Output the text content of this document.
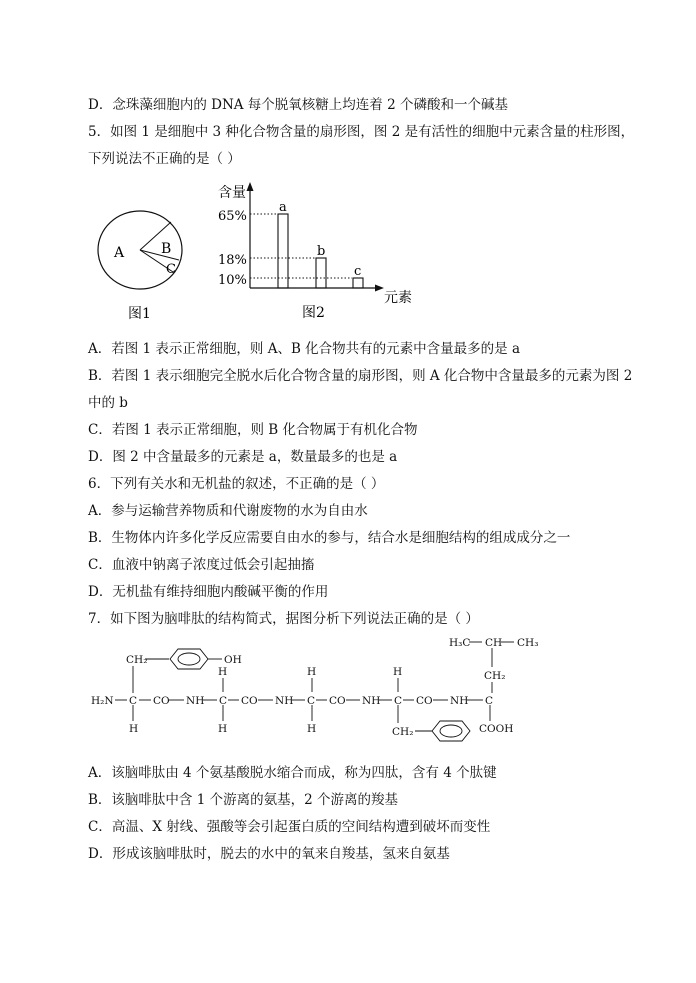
D．念珠藻细胞内的 DNA 每个脱氧核糖上均连着 2 个磷酸和一个碱基
5．如图 1 是细胞中 3 种化合物含量的扇形图，图 2 是有活性的细胞中元素含量的柱形图，
下列说法不正确的是（ ）
A	B
C
图1
含量
元素
65%
18%
10%
a
b
c
图2
A．若图 1 表示正常细胞，则 A、B 化合物共有的元素中含量最多的是 a
B．若图 1 表示细胞完全脱水后化合物含量的扇形图，则 A 化合物中含量最多的元素为图 2
中的 b
C．若图 1 表示正常细胞，则 B 化合物属于有机化合物
D．图 2 中含量最多的元素是 a，数量最多的也是 a
6．下列有关水和无机盐的叙述，不正确的是（ ）
A．参与运输营养物质和代谢废物的水为自由水
B．生物体内许多化学反应需要自由水的参与，结合水是细胞结构的组成成分之一
C．血液中钠离子浓度过低会引起抽搐
D．无机盐有维持细胞内酸碱平衡的作用
7．如下图为脑啡肽的结构简式，据图分析下列说法正确的是（ ）
H₃C CH CH₃
CH₂	OH
H	H	H	CH₂
H₂N C CO NH C CO NH C CO NH C CO NH C
H	H	H	CH₂	COOH
A．该脑啡肽由 4 个氨基酸脱水缩合而成，称为四肽，含有 4 个肽键
B．该脑啡肽中含 1 个游离的氨基，2 个游离的羧基
C．高温、X 射线、强酸等会引起蛋白质的空间结构遭到破坏而变性
D．形成该脑啡肽时，脱去的水中的氧来自羧基，氢来自氨基
